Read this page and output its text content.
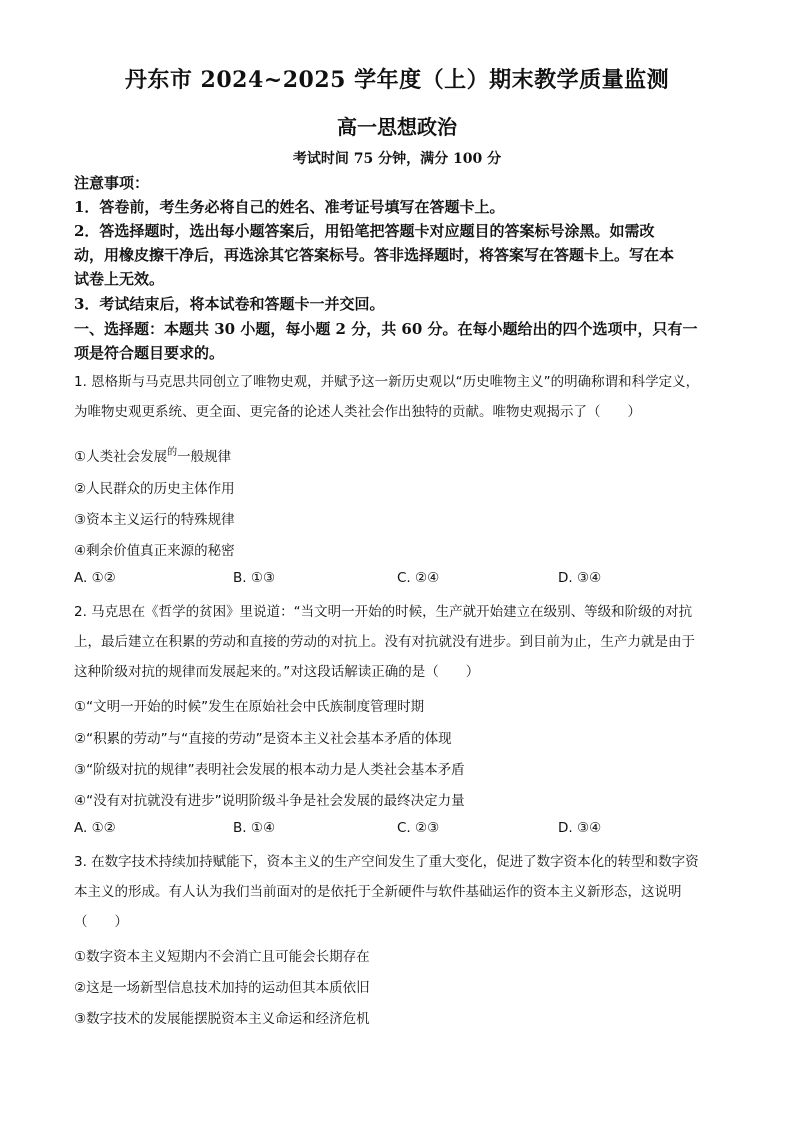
丹东市 2024~2025 学年度（上）期末教学质量监测
高一思想政治
考试时间 75 分钟，满分 100 分
注意事项：
1．答卷前，考生务必将自己的姓名、准考证号填写在答题卡上。
2．答选择题时，选出每小题答案后，用铅笔把答题卡对应题目的答案标号涂黑。如需改
动，用橡皮擦干净后，再选涂其它答案标号。答非选择题时，将答案写在答题卡上。写在本
试卷上无效。
3．考试结束后，将本试卷和答题卡一并交回。
一、选择题：本题共 30 小题，每小题 2 分，共 60 分。在每小题给出的四个选项中，只有一
项是符合题目要求的。
1. 恩格斯与马克思共同创立了唯物史观，并赋予这一新历史观以“历史唯物主义”的明确称谓和科学定义，
为唯物史观更系统、更全面、更完备的论述人类社会作出独特的贡献。唯物史观揭示了（　　）
①人类社会发展$^的$一般规律
②人民群众的历史主体作用
③资本主义运行的特殊规律
④剩余价值真正来源的秘密
A. ①②	B. ①③	C. ②④	D. ③④
2. 马克思在《哲学的贫困》里说道：“当文明一开始的时候，生产就开始建立在级别、等级和阶级的对抗
上，最后建立在积累的劳动和直接的劳动的对抗上。没有对抗就没有进步。到目前为止，生产力就是由于
这种阶级对抗的规律而发展起来的。”对这段话解读正确的是（　　）
①“文明一开始的时候”发生在原始社会中氏族制度管理时期
②“积累的劳动”与“直接的劳动”是资本主义社会基本矛盾的体现
③“阶级对抗的规律”表明社会发展的根本动力是人类社会基本矛盾
④“没有对抗就没有进步”说明阶级斗争是社会发展的最终决定力量
A. ①②	B. ①④	C. ②③	D. ③④
3. 在数字技术持续加持赋能下，资本主义的生产空间发生了重大变化，促进了数字资本化的转型和数字资
本主义的形成。有人认为我们当前面对的是依托于全新硬件与软件基础运作的资本主义新形态，这说明
（　　）
①数字资本主义短期内不会消亡且可能会长期存在
②这是一场新型信息技术加持的运动但其本质依旧
③数字技术的发展能摆脱资本主义命运和经济危机
